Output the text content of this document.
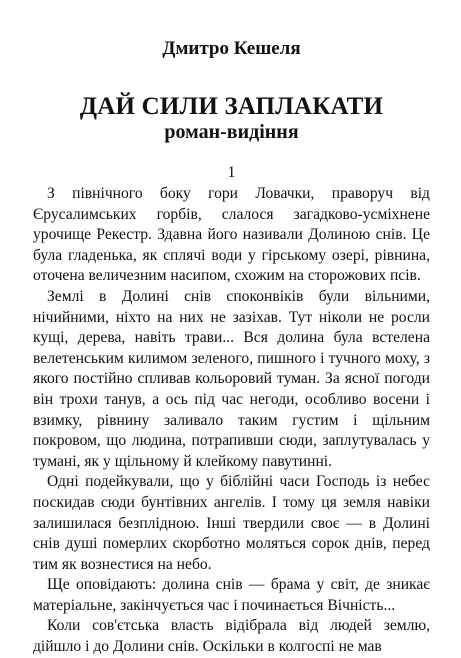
Дмитро Кешеля
ДАЙ СИЛИ ЗАПЛАКАТИ
роман-видіння
1

З північного боку гори Ловачки, праворуч від Єрусалимських горбів, слалося загадково-усміхнене урочище Рекестр. Здавна його називали Долиною снів. Це була гладенька, як сплячі води у гірському озері, рівнина, оточена величезним насипом, схожим на сторожових псів.

Землі в Долині снів споконвіків були вільними, нічийними, ніхто на них не зазіхав. Тут ніколи не росли кущі, дерева, навіть трави... Вся долина була встелена велетенським килимом зеленого, пишного і тучного моху, з якого постійно спливав кольоровий туман. За ясної погоди він трохи танув, а ось під час негоди, особливо восени і взимку, рівнину заливало таким густим і щільним покровом, що людина, потрапивши сюди, заплутувалась у тумані, як у щільному й клейкому павутинні.

Одні подейкували, що у біблійні часи Господь із небес поскидав сюди бунтівних ангелів. І тому ця земля навіки залишилася безплідною. Інші твердили своє — в Долині снів душі померлих скорботно моляться сорок днів, перед тим як вознестися на небо.

Ще оповідають: долина снів — брама у світ, де зникає матеріальне, закінчується час і починається Вічність...

Коли сов'єтська власть відібрала від людей землю, дійшло і до Долини снів. Оскільки в колгоспі не мав
